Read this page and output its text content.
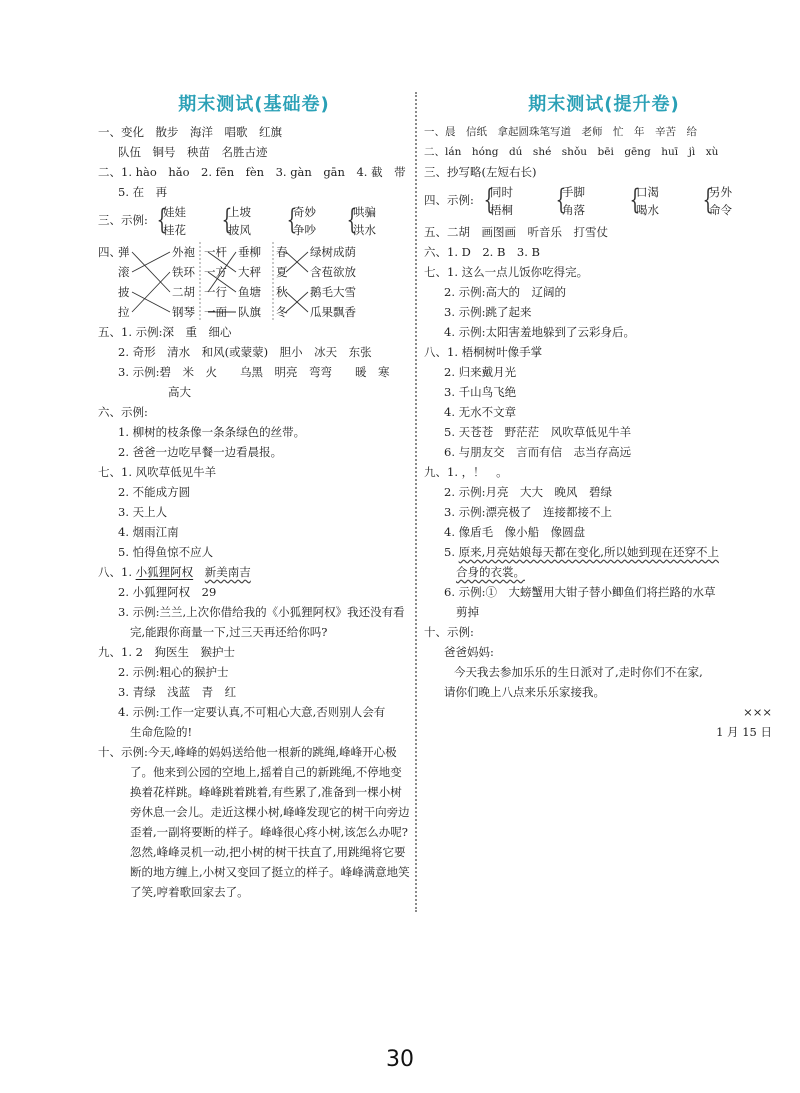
期末测试(基础卷)
一、变化　散步　海洋　唱歌　红旗
队伍　铜号　秧苗　名胜古迹
二、1. hào　hǎo　2. fēn　fèn　3. gàn　gān　4. 截　带
5. 在　再
三、示例: {
娃娃
桂花 {
上坡
披风 {
奇妙
争吵 {
哄骗
洪水
四、
弹
滚
披
拉
外袍
铁环
二胡
钢琴
一杆
一方
一行
一面
垂柳
大秤
鱼塘
队旗
春
夏
秋
冬
绿树成荫
含苞欲放
鹅毛大雪
瓜果飘香
五、1. 示例:深　重　细心
2. 奇形　清水　和风(或蒙蒙)　胆小　冰天　东张
3. 示例:碧　米　火　　乌黑　明亮　弯弯　　暖　寒
高大
六、示例:
1. 柳树的枝条像一条条绿色的丝带。
2. 爸爸一边吃早餐一边看晨报。
七、1. 风吹草低见牛羊
2. 不能成方圆
3. 天上人
4. 烟雨江南
5. 怕得鱼惊不应人
八、1. 小狐狸阿权 新美南吉
2. 小狐狸阿权　29
3. 示例:兰兰,上次你借给我的《小狐狸阿权》我还没有看
完,能跟你商量一下,过三天再还给你吗?
九、1. 2　狗医生　猴护士
2. 示例:粗心的猴护士
3. 青绿　浅蓝　青　红
4. 示例:工作一定要认真,不可粗心大意,否则别人会有
生命危险的!
十、示例:今天,峰峰的妈妈送给他一根新的跳绳,峰峰开心极
了。他来到公园的空地上,摇着自己的新跳绳,不停地变
换着花样跳。峰峰跳着跳着,有些累了,准备到一棵小树
旁休息一会儿。走近这棵小树,峰峰发现它的树干向旁边
歪着,一副将要断的样子。峰峰很心疼小树,该怎么办呢?
忽然,峰峰灵机一动,把小树的树干扶直了,用跳绳将它要
断的地方缠上,小树又变回了挺立的样子。峰峰满意地笑
了笑,哼着歌回家去了。
期末测试(提升卷)
一、晨　信纸　拿起圆珠笔写道　老师　忙　年　辛苦　给
二、lán　hóng　dú　shé　shǒu　bēi　gēng　huī　jì　xù
三、抄写略(左短右长)
四、示例: {
同时
梧桐 {
手脚
角落 {
口渴
喝水 {
另外
命令
五、二胡　画图画　听音乐　打雪仗
六、1. D　2. B　3. B
七、1. 这么一点儿饭你吃得完。
2. 示例:高大的　辽阔的
3. 示例:跳了起来
4. 示例:太阳害羞地躲到了云彩身后。
八、1. 梧桐树叶像手掌
2. 归来戴月光
3. 千山鸟飞绝
4. 无水不文章
5. 天苍苍　野茫茫　风吹草低见牛羊
6. 与朋友交　言而有信　志当存高远
九、1. ，！　。
2. 示例:月亮　大大　晚风　碧绿
3. 示例:漂亮极了　连接都接不上
4. 像盾毛　像小船　像圆盘
5. 原来,月亮姑娘每天都在变化,所以她到现在还穿不上
合身的衣裳。
6. 示例:①　大螃蟹用大钳子替小鲫鱼们将拦路的水草
剪掉
十、示例:
爸爸妈妈:
今天我去参加乐乐的生日派对了,走时你们不在家,
请你们晚上八点来乐乐家接我。
×××
1 月 15 日
30
